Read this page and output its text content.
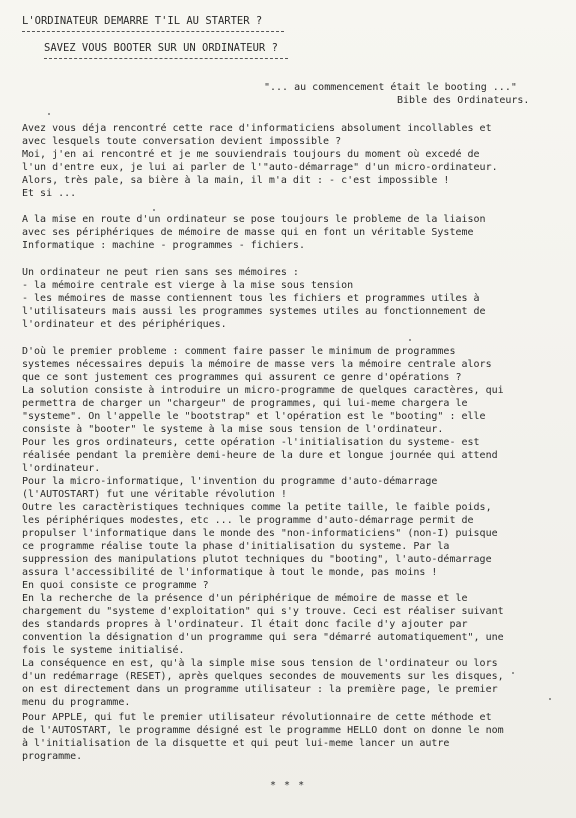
L'ORDINATEUR DEMARRE T'IL AU STARTER ?
SAVEZ VOUS BOOTER SUR UN ORDINATEUR ?
"... au commencement était le booting ..."
Bible des Ordinateurs.
Avez vous déja rencontré cette race d'informaticiens absolument incollables et
avec lesquels toute conversation devient impossible ?
Moi, j'en ai rencontré et je me souviendrais toujours du moment où excedé de
l'un d'entre eux, je lui ai parler de l'"auto-démarrage" d'un micro-ordinateur.
Alors, très pale, sa bière à la main, il m'a dit : - c'est impossible !
Et si ...
A la mise en route d'un ordinateur se pose toujours le probleme de la liaison
avec ses périphériques de mémoire de masse qui en font un véritable Systeme
Informatique : machine - programmes - fichiers.
Un ordinateur ne peut rien sans ses mémoires :
- la mémoire centrale est vierge à la mise sous tension
- les mémoires de masse contiennent tous les fichiers et programmes utiles à
l'utilisateurs mais aussi les programmes systemes utiles au fonctionnement de
l'ordinateur et des périphériques.
D'où le premier probleme : comment faire passer le minimum de programmes
systemes nécessaires depuis la mémoire de masse vers la mémoire centrale alors
que ce sont justement ces programmes qui assurent ce genre d'opérations ?
La solution consiste à introduire un micro-programme de quelques caractères, qui
permettra de charger un "chargeur" de programmes, qui lui-meme chargera le
"systeme". On l'appelle le "bootstrap" et l'opération est le "booting" : elle
consiste à "booter" le systeme à la mise sous tension de l'ordinateur.
Pour les gros ordinateurs, cette opération -l'initialisation du systeme- est
réalisée pendant la première demi-heure de la dure et longue journée qui attend
l'ordinateur.
Pour la micro-informatique, l'invention du programme d'auto-démarrage
(l'AUTOSTART) fut une véritable révolution !
Outre les caractèristiques techniques comme la petite taille, le faible poids,
les périphériques modestes, etc ... le programme d'auto-démarrage permit de
propulser l'informatique dans le monde des "non-informaticiens" (non-I) puisque
ce programme réalise toute la phase d'initialisation du systeme. Par la
suppression des manipulations plutot techniques du "booting", l'auto-démarrage
assura l'accessibilité de l'informatique à tout le monde, pas moins !
En quoi consiste ce programme ?
En la recherche de la présence d'un périphérique de mémoire de masse et le
chargement du "systeme d'exploitation" qui s'y trouve. Ceci est réaliser suivant
des standards propres à l'ordinateur. Il était donc facile d'y ajouter par
convention la désignation d'un programme qui sera "démarré automatiquement", une
fois le systeme initialisé.
La conséquence en est, qu'à la simple mise sous tension de l'ordinateur ou lors
d'un redémarrage (RESET), après quelques secondes de mouvements sur les disques,
on est directement dans un programme utilisateur : la première page, le premier
menu du programme.
Pour APPLE, qui fut le premier utilisateur révolutionnaire de cette méthode et
de l'AUTOSTART, le programme désigné est le programme HELLO dont on donne le nom
à l'initialisation de la disquette et qui peut lui-meme lancer un autre
programme.
* * *
